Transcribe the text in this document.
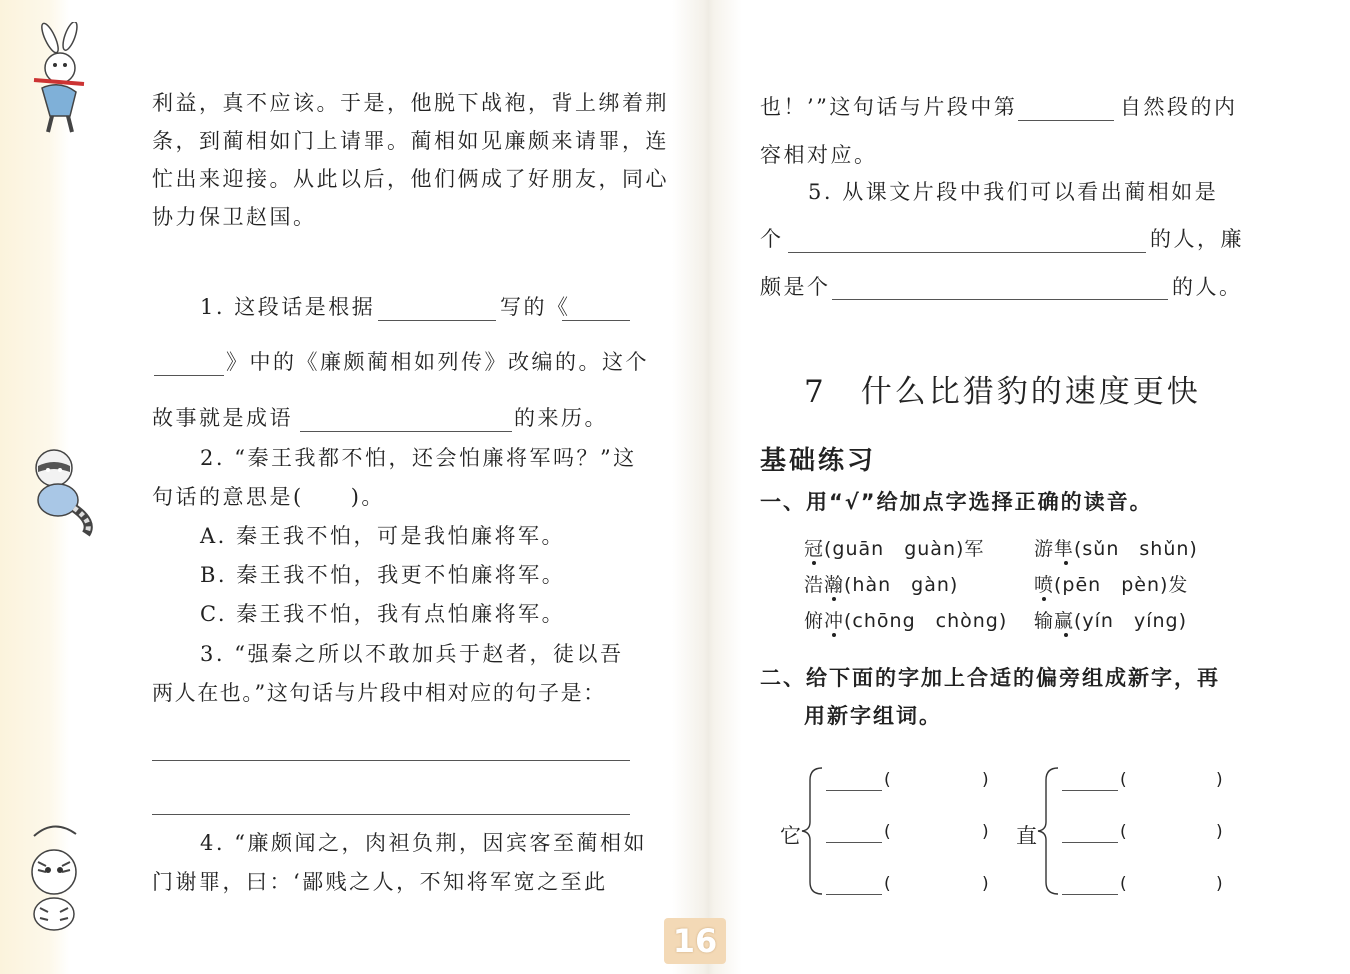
利益，真不应该。于是，他脱下战袍，背上绑着荆
条，到蔺相如门上请罪。蔺相如见廉颇来请罪，连
忙出来迎接。从此以后，他们俩成了好朋友，同心
协力保卫赵国。
1. 这段话是根据	写的《
》中的《廉颇蔺相如列传》改编的。这个
故事就是成语	的来历。
2. “秦王我都不怕，还会怕廉将军吗？”这
句话的意思是(　　)。
A. 秦王我不怕，可是我怕廉将军。
B. 秦王我不怕，我更不怕廉将军。
C. 秦王我不怕，我有点怕廉将军。
3. “强秦之所以不敢加兵于赵者，徒以吾
两人在也。”这句话与片段中相对应的句子是：
4. “廉颇闻之，肉袒负荆，因宾客至蔺相如
门谢罪，曰：‘鄙贱之人，不知将军宽之至此
也！’”这句话与片段中第	自然段的内
容相对应。
5. 从课文片段中我们可以看出蔺相如是
个	的人，廉
颇是个	的人。
7　什么比猎豹的速度更快
基础练习
一、用“√”给加点字选择正确的读音。
冠(guān　guàn)军	游隼(sǔn　shǔn)
浩瀚(hàn　gàn)	喷(pēn　pèn)发
俯冲(chōng　chòng) 输赢(yín　yíng)
二、给下面的字加上合适的偏旁组成新字，再
用新字组词。
它
(	)
(	)
(	)
直
(	)
(	)
(	)
16
